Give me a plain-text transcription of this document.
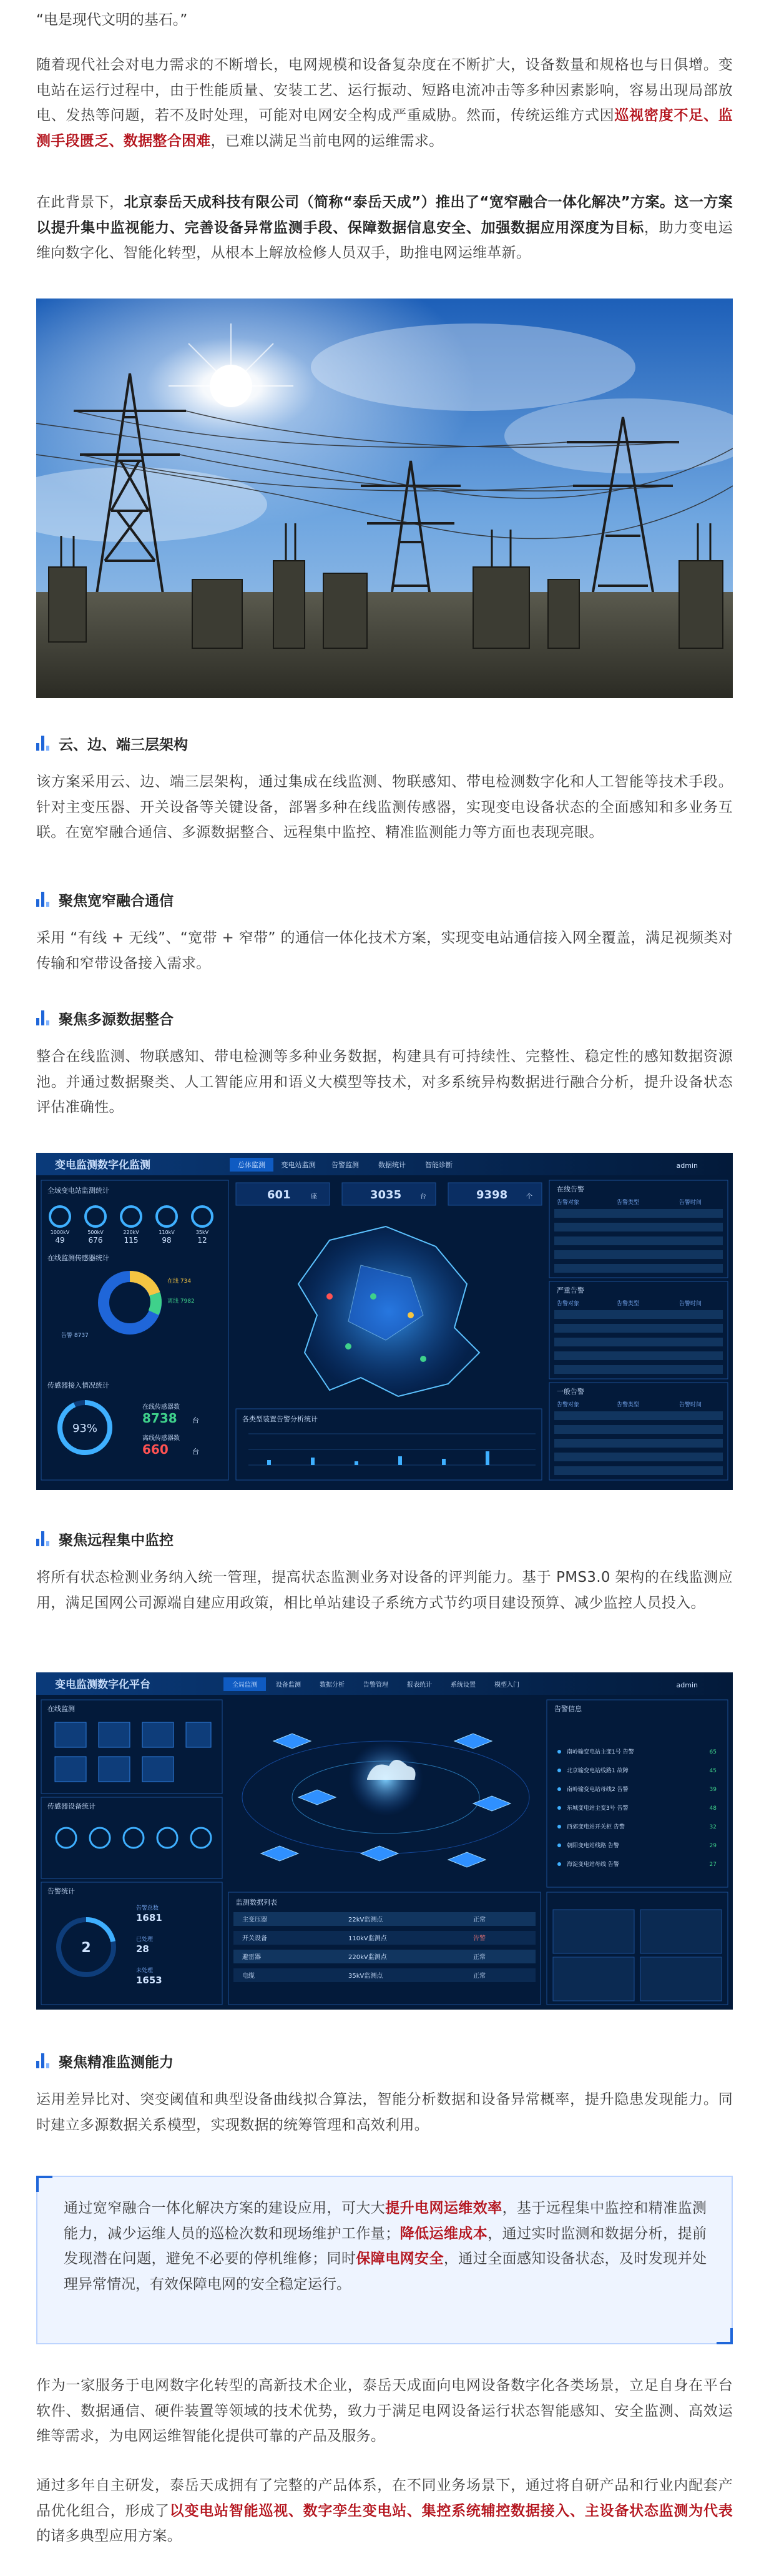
“电是现代文明的基石。”

随着现代社会对电力需求的不断增长，电网规模和设备复杂度在不断扩大，设备数量和规格也与日俱增。变电站在运行过程中，由于性能质量、安装工艺、运行振动、短路电流冲击等多种因素影响，容易出现局部放电、发热等问题，若不及时处理，可能对电网安全构成严重威胁。然而，传统运维方式因巡视密度不足、监测手段匮乏、数据整合困难，已难以满足当前电网的运维需求。

在此背景下，北京泰岳天成科技有限公司（简称“泰岳天成”）推出了“宽窄融合一体化解决”方案。这一方案以提升集中监视能力、完善设备异常监测手段、保障数据信息安全、加强数据应用深度为目标，助力变电运维向数字化、智能化转型，从根本上解放检修人员双手，助推电网运维革新。

云、边、端三层架构

该方案采用云、边、端三层架构，通过集成在线监测、物联感知、带电检测数字化和人工智能等技术手段。针对主变压器、开关设备等关键设备，部署多种在线监测传感器，实现变电设备状态的全面感知和多业务互联。在宽窄融合通信、多源数据整合、远程集中监控、精准监测能力等方面也表现亮眼。

聚焦宽窄融合通信

采用 “有线 + 无线”、“宽带 + 窄带” 的通信一体化技术方案，实现变电站通信接入网全覆盖，满足视频类对传输和窄带设备接入需求。

聚焦多源数据整合

整合在线监测、物联感知、带电检测等多种业务数据，构建具有可持续性、完整性、稳定性的感知数据资源池。并通过数据聚类、人工智能应用和语义大模型等技术，对多系统异构数据进行融合分析，提升设备状态评估准确性。

变电监测数字化监测	总体监测 变电站监测 告警监测	数据统计	智能诊断	admin
全域变电站监测统计
49
1000kV
676
500kV
115
220kV
98
110kV
12
35kV
在线监测传感器统计
在线 734
离线 7982
告警 8737
传感器接入情况统计
93%
在线传感器数
8738 台
离线传感器数
660	台
601	座	3035	台	9398	个
各类型装置告警分析统计
在线告警
严重告警
一般告警
告警对象	告警类型	告警时间
告警对象	告警类型	告警时间
告警对象	告警类型	告警时间
聚焦远程集中监控

将所有状态检测业务纳入统一管理，提高状态监测业务对设备的评判能力。基于 PMS3.0 架构的在线监测应用，满足国网公司源端自建应用政策，相比单站建设子系统方式节约项目建设预算、减少监控人员投入。

变电监测数字化平台	全局监测	设备监测	数据分析	告警管理	报表统计	系统设置	模型入门	admin
在线监测
传感器设备统计
告警统计
2
告警总数
1681
已处理
28
未处理
1653
监测数据列表
主变压器	22kV监测点	正常
开关设备	110kV监测点	告警
避雷器	220kV监测点	正常
电缆	35kV监测点	正常
告警信息
南岭输变电站主变1号 告警	65
北京输变电站线路1 故障	45
南岭输变电站母线2 告警	39
东城变电站主变3号 告警	48
西郊变电站开关柜 告警	32
朝阳变电站线路 告警	29
海淀变电站母线 告警	27
聚焦精准监测能力

运用差异比对、突变阈值和典型设备曲线拟合算法，智能分析数据和设备异常概率，提升隐患发现能力。同时建立多源数据关系模型，实现数据的统筹管理和高效利用。

通过宽窄融合一体化解决方案的建设应用，可大大提升电网运维效率，基于远程集中监控和精准监测能力，减少运维人员的巡检次数和现场维护工作量；降低运维成本，通过实时监测和数据分析，提前发现潜在问题，避免不必要的停机维修；同时保障电网安全，通过全面感知设备状态，及时发现并处理异常情况，有效保障电网的安全稳定运行。

作为一家服务于电网数字化转型的高新技术企业，泰岳天成面向电网设备数字化各类场景，立足自身在平台软件、数据通信、硬件装置等领域的技术优势，致力于满足电网设备运行状态智能感知、安全监测、高效运维等需求，为电网运维智能化提供可靠的产品及服务。

通过多年自主研发，泰岳天成拥有了完整的产品体系，在不同业务场景下，通过将自研产品和行业内配套产品优化组合，形成了以变电站智能巡视、数字孪生变电站、集控系统辅控数据接入、主设备状态监测为代表的诸多典型应用方案。
